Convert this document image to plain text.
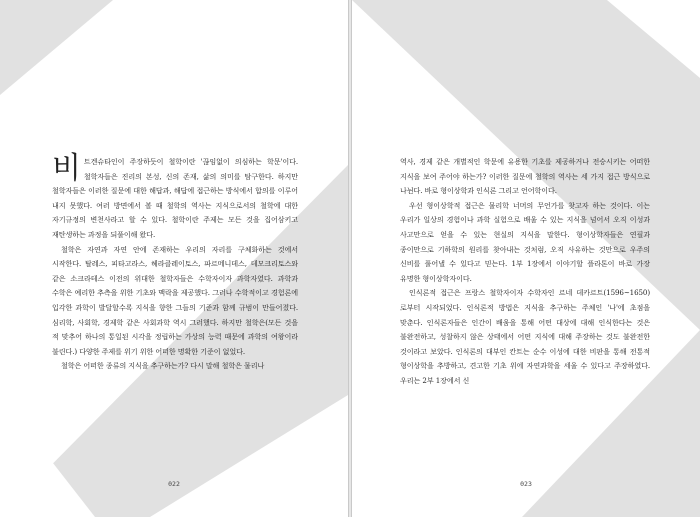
비트겐슈타인이 주장하듯이 철학이란 '끊임없이 의심하는 학문'이다. 철학자들은 진리의 본성, 신의 존재, 삶의 의미를 탐구한다. 하지만 철학자들은 이러한 질문에 대한 해답과, 해답에 접근하는 방식에서 합의를 이루어 내지 못했다. 여러 방면에서 볼 때 철학의 역사는 지식으로서의 철학에 대한 자기규정의 변천사라고 할 수 있다. 철학이란 주제는 모든 것을 집어삼키고 재탄생하는 과정을 되풀이해 왔다.

철학은 자연과 자연 안에 존재하는 우리의 자리를 구체화하는 것에서 시작한다. 탈레스, 피타고라스, 헤라클레이토스, 파르메니데스, 데모크리토스와 같은 소크라테스 이전의 위대한 철학자들은 수학자이자 과학자였다. 과학과 수학은 예리한 추측을 위한 기초와 맥락을 제공했다. 그러나 수학적이고 경험론에 입각한 과학이 발달할수록 지식을 향한 그들의 기준과 함께 규범이 만들어졌다. 심리학, 사회학, 경제학 같은 사회과학 역시 그러했다. 하지만 철학은(모든 것을 적 맞추어 하나의 통일된 시각을 정립하는 가상의 능력 때문에 과학의 여왕이라 불린다.) 다양한 주제를 위기 위한 어떠한 명확한 기준이 없었다.

철학은 어떠한 종류의 지식을 추구하는가? 다시 말해 철학은 물리나

022

역사, 경제 같은 개별적인 학문에 유용한 기초를 제공하거나 전승시키는 어떠한 지식을 보여 주어야 하는가? 이러한 질문에 철학의 역사는 세 가지 접근 방식으로 나뉜다. 바로 형이상학과 인식론 그리고 언어학이다.

우선 형이상학적 접근은 물리학 너머의 무언가를 찾고자 하는 것이다. 이는 우리가 일상의 경험이나 과학 실험으로 배울 수 있는 지식을 넘어서 오직 이성과 사고만으로 얻을 수 있는 현실의 지식을 말한다. 형이상학자들은 연필과 종이만으로 기하학의 원리를 찾아내는 것처럼, 오직 사유하는 것만으로 우주의 신비를 풀어낼 수 있다고 믿는다. 1부 1장에서 이야기할 플라톤이 바로 가장 유명한 형이상학자이다.

인식론적 접근은 프랑스 철학자이자 수학자인 르네 데카르트(1596~1650)로부터 시작되었다. 인식론적 방법은 지식을 추구하는 주체인 '나'에 초점을 맞춘다. 인식론자들은 인간이 배움을 통해 어떤 대상에 대해 인식한다는 것은 불완전하고, 성찰하지 않은 상태에서 어떤 지식에 대해 주장하는 것도 불완전한 것이라고 보았다. 인식론의 대부인 칸트는 순수 이성에 대한 비판을 통해 전통적 형이상학을 추방하고, 견고한 기초 위에 자연과학을 세울 수 있다고 주장하였다. 우리는 2부 1장에서 신

023
